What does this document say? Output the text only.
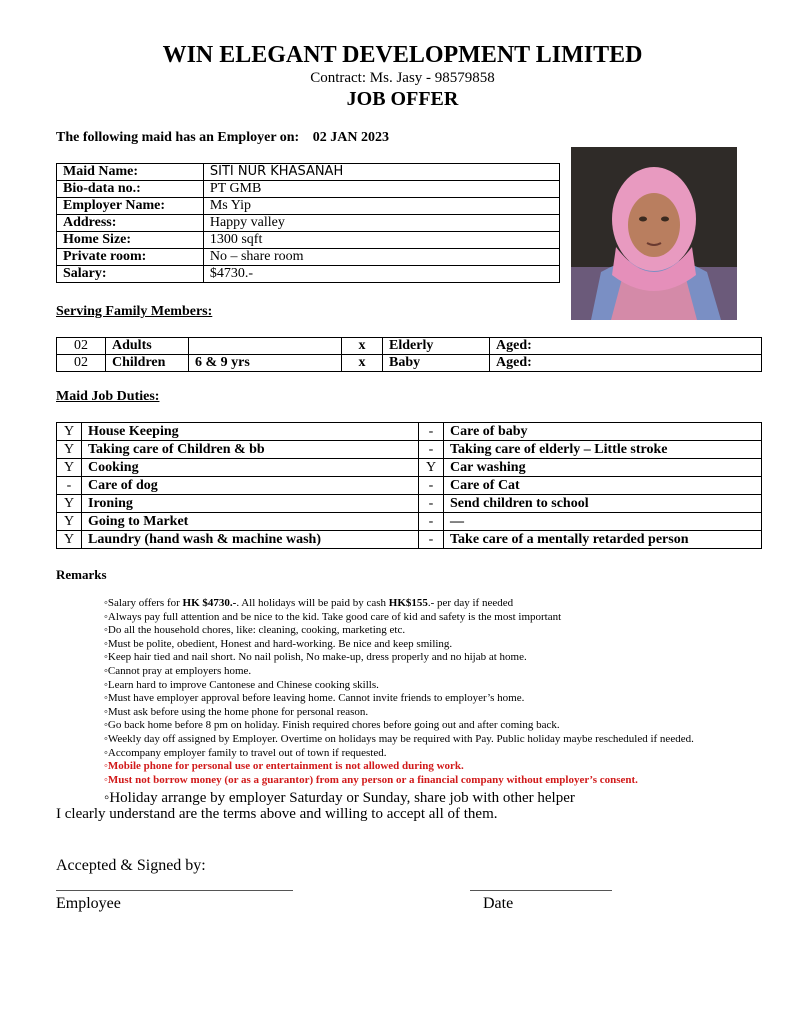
WIN ELEGANT DEVELOPMENT LIMITED
Contract: Ms. Jasy - 98579858
JOB OFFER
The following maid has an Employer on: 02 JAN 2023
Maid Name:	SITI NUR KHASANAH
Bio-data no.:	PT GMB
Employer Name:	Ms Yip
Address:	Happy valley
Home Size:	1300 sqft
Private room:	No – share room
Salary:	$4730.-
Serving Family Members:
02	Adults		x	Elderly	Aged:
02	Children	6 & 9 yrs	x	Baby	Aged:
Maid Job Duties:
Y	House Keeping	-	Care of baby
Y	Taking care of Children & bb	-	Taking care of elderly – Little stroke
Y	Cooking	Y	Car washing
-	Care of dog	-	Care of Cat
Y	Ironing	-	Send children to school
Y	Going to Market	-	—
Y	Laundry (hand wash & machine wash)	-	Take care of a mentally retarded person
Remarks
◦Salary offers for HK $4730.-. All holidays will be paid by cash HK$155.- per day if needed
◦Always pay full attention and be nice to the kid. Take good care of kid and safety is the most important
◦Do all the household chores, like: cleaning, cooking, marketing etc.
◦Must be polite, obedient, Honest and hard-working. Be nice and keep smiling.
◦Keep hair tied and nail short. No nail polish, No make-up, dress properly and no hijab at home.
◦Cannot pray at employers home.
◦Learn hard to improve Cantonese and Chinese cooking skills.
◦Must have employer approval before leaving home. Cannot invite friends to employer’s home.
◦Must ask before using the home phone for personal reason.
◦Go back home before 8 pm on holiday. Finish required chores before going out and after coming back.
◦Weekly day off assigned by Employer. Overtime on holidays may be required with Pay. Public holiday maybe rescheduled if needed.
◦Accompany employer family to travel out of town if requested.
◦Mobile phone for personal use or entertainment is not allowed during work.
◦Must not borrow money (or as a guarantor) from any person or a financial company without employer’s consent.
◦Holiday arrange by employer Saturday or Sunday, share job with other helper
I clearly understand are the terms above and willing to accept all of them.
Accepted & Signed by:
Employee	Date
